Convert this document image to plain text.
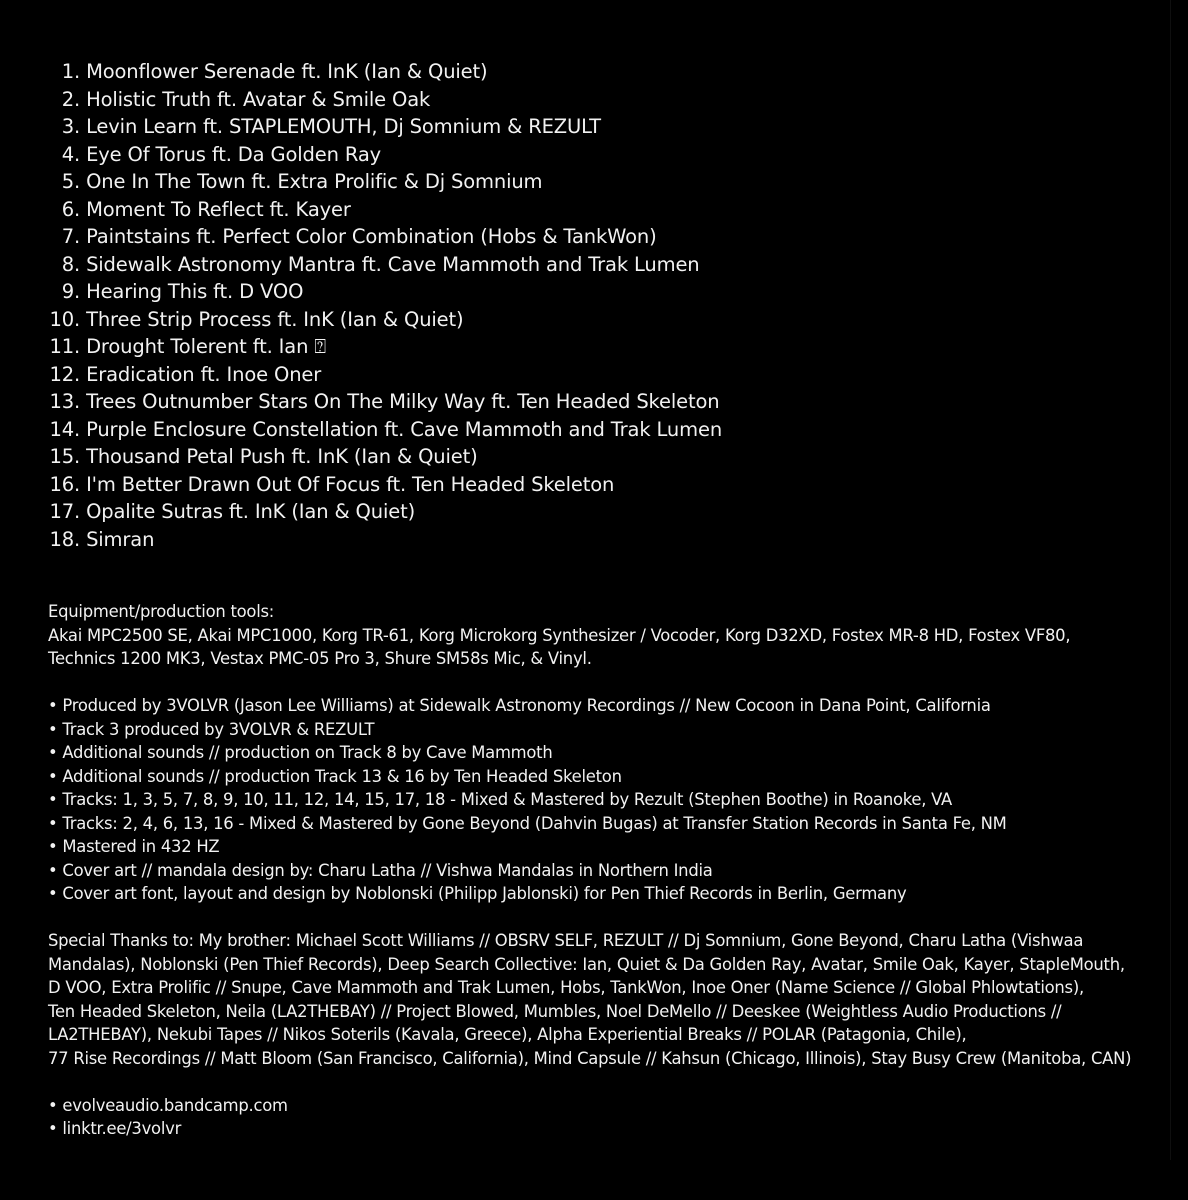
1.
Moonflower Serenade ft. InK (Ian & Quiet)
2.
Holistic Truth ft. Avatar & Smile Oak
3.
Levin Learn ft. STAPLEMOUTH, Dj Somnium & REZULT
4.
Eye Of Torus ft. Da Golden Ray
5.
One In The Town ft. Extra Prolific & Dj Somnium
6.
Moment To Reflect ft. Kayer
7.
Paintstains ft. Perfect Color Combination (Hobs & TankWon)
8.
Sidewalk Astronomy Mantra ft. Cave Mammoth and Trak Lumen
9.
Hearing This ft. D VOO
10.
Three Strip Process ft. InK (Ian & Quiet)
11.
Drought Tolerent ft. Ian ⍰
12.
Eradication ft. Inoe Oner
13.
Trees Outnumber Stars On The Milky Way ft. Ten Headed Skeleton
14.
Purple Enclosure Constellation ft. Cave Mammoth and Trak Lumen
15.
Thousand Petal Push ft. InK (Ian & Quiet)
16.
I'm Better Drawn Out Of Focus ft. Ten Headed Skeleton
17.
Opalite Sutras ft. InK (Ian & Quiet)
18.
Simran

Equipment/production tools:

Akai MPC2500 SE, Akai MPC1000, Korg TR-61, Korg Microkorg Synthesizer / Vocoder, Korg D32XD, Fostex MR-8 HD, Fostex VF80,

Technics 1200 MK3, Vestax PMC-05 Pro 3, Shure SM58s Mic, & Vinyl.

• Produced by 3VOLVR (Jason Lee Williams) at Sidewalk Astronomy Recordings // New Cocoon in Dana Point, California
• Track 3 produced by 3VOLVR & REZULT
• Additional sounds // production on Track 8 by Cave Mammoth
• Additional sounds // production Track 13 & 16 by Ten Headed Skeleton
• Tracks: 1, 3, 5, 7, 8, 9, 10, 11, 12, 14, 15, 17, 18 - Mixed & Mastered by Rezult (Stephen Boothe) in Roanoke, VA
• Tracks: 2, 4, 6, 13, 16 - Mixed & Mastered by Gone Beyond (Dahvin Bugas) at Transfer Station Records in Santa Fe, NM
• Mastered in 432 HZ
• Cover art // mandala design by: Charu Latha // Vishwa Mandalas in Northern India
• Cover art font, layout and design by Noblonski (Philipp Jablonski) for Pen Thief Records in Berlin, Germany

Special Thanks to: My brother: Michael Scott Williams // OBSRV SELF, REZULT // Dj Somnium, Gone Beyond, Charu Latha (Vishwaa

Mandalas), Noblonski (Pen Thief Records), Deep Search Collective: Ian, Quiet & Da Golden Ray, Avatar, Smile Oak, Kayer, StapleMouth,

D VOO, Extra Prolific // Snupe, Cave Mammoth and Trak Lumen, Hobs, TankWon, Inoe Oner (Name Science // Global Phlowtations),

Ten Headed Skeleton, Neila (LA2THEBAY) // Project Blowed, Mumbles, Noel DeMello // Deeskee (Weightless Audio Productions //

LA2THEBAY), Nekubi Tapes // Nikos Soterils (Kavala, Greece), Alpha Experiential Breaks // POLAR (Patagonia, Chile),

77 Rise Recordings // Matt Bloom (San Francisco, California), Mind Capsule // Kahsun (Chicago, Illinois), Stay Busy Crew (Manitoba, CAN)

• evolveaudio.bandcamp.com
• linktr.ee/3volvr
